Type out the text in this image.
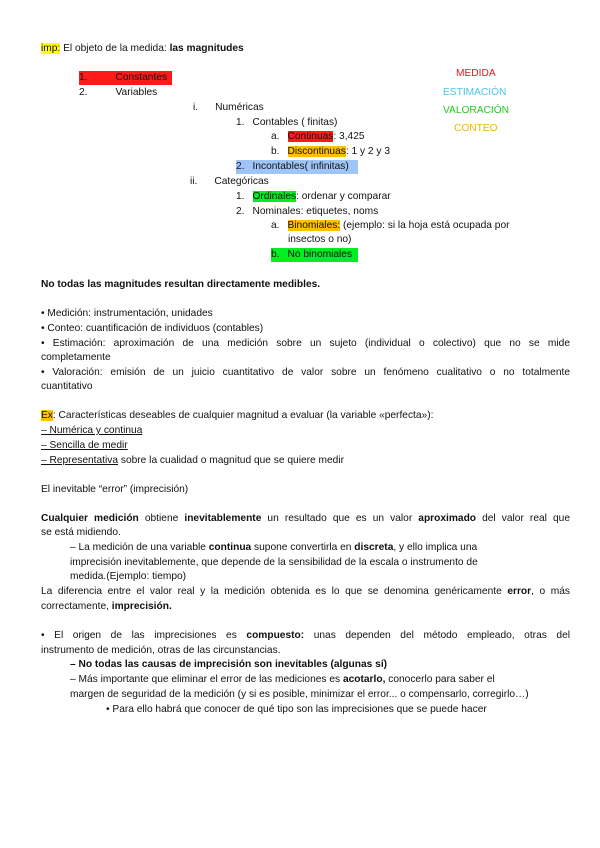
imp: El objeto de la medida: las magnitudes
1.	Constantes
2.	Variables
i. Numéricas
1. Contables ( finitas)
a. Continuas: 3,425
b. Discontinuas: 1 y 2 y 3
2. Incontables( infinitas)
ii. Categóricas
1. Ordinales: ordenar y comparar
2. Nominales: etiquetes, noms
a. Binomiales: (ejemplo: si la hoja está ocupada por
insectos o no)
b. No binomiales
MEDIDA
ESTIMACIÓN
VALORACIÓN
CONTEO
No todas las magnitudes resultan directamente medibles.
• Medición: instrumentación, unidades
• Conteo: cuantificación de individuos (contables)
• Estimación: aproximación de una medición sobre un sujeto (individual o colectivo) que no se mide
completamente
• Valoración: emisión de un juicio cuantitativo de valor sobre un fenómeno cualitativo o no totalmente
cuantitativo
Ex: Características deseables de cualquier magnitud a evaluar (la variable «perfecta»):
– Numérica y continua
– Sencilla de medir
– Representativa sobre la cualidad o magnitud que se quiere medir
El inevitable “error” (imprecisión)
Cualquier medición obtiene inevitablemente un resultado que es un valor aproximado del valor real que
se está midiendo.
– La medición de una variable continua supone convertirla en discreta, y ello implica una
imprecisión inevitablemente, que depende de la sensibilidad de la escala o instrumento de
medida.(Ejemplo: tiempo)
La diferencia entre el valor real y la medición obtenida es lo que se denomina genéricamente error, o más
correctamente, imprecisión.
• El origen de las imprecisiones es compuesto: unas dependen del método empleado, otras del
instrumento de medición, otras de las circunstancias.
– No todas las causas de imprecisión son inevitables (algunas sí)
– Más importante que eliminar el error de las mediciones es acotarlo, conocerlo para saber el
margen de seguridad de la medición (y si es posible, minimizar el error... o compensarlo, corregirlo…)
• Para ello habrá que conocer de qué tipo son las imprecisiones que se puede hacer
